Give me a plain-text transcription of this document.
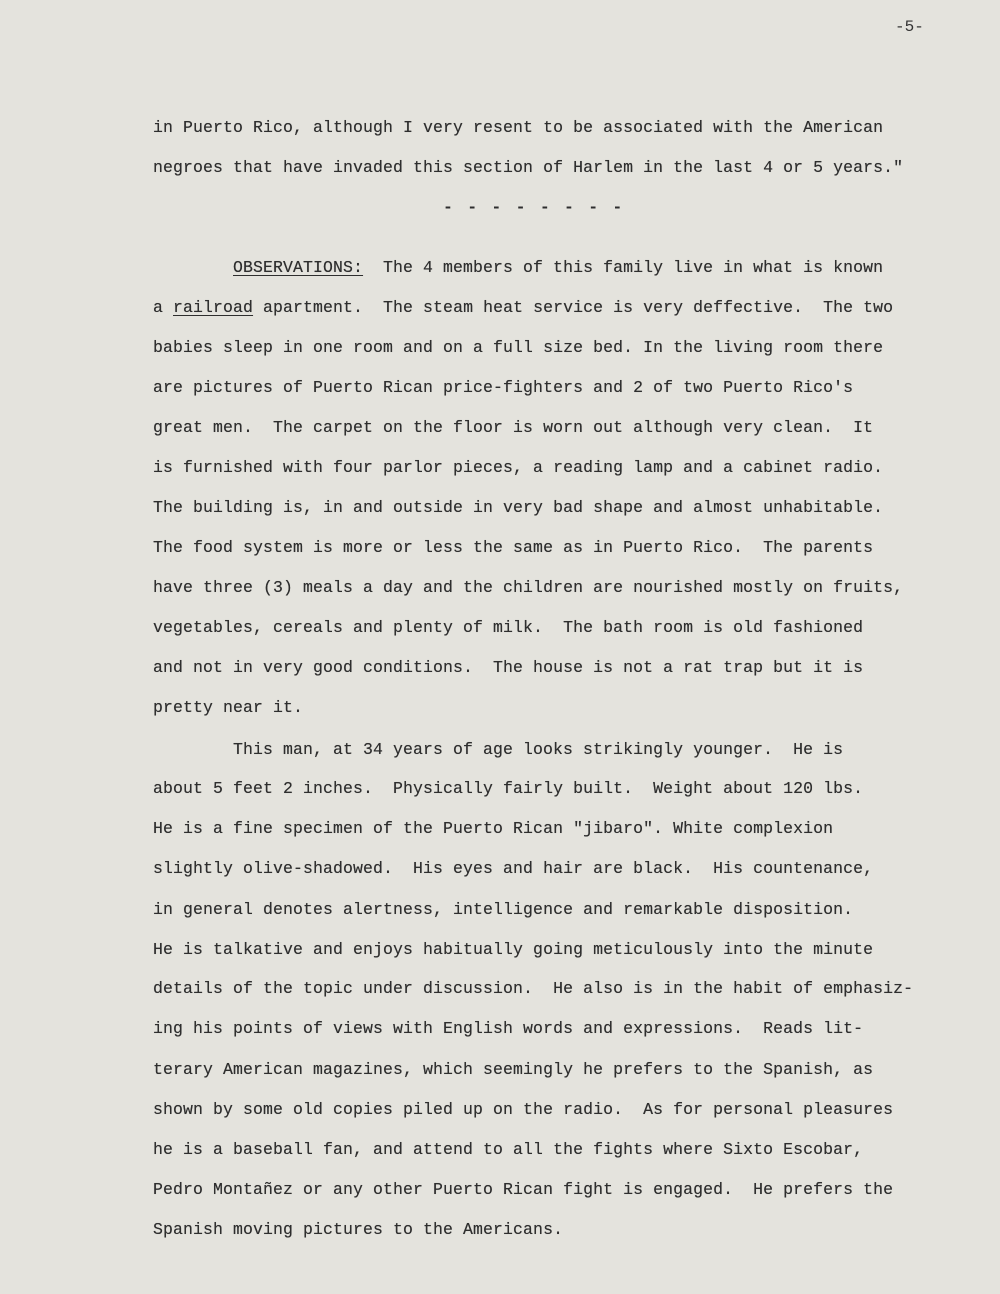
-5-
in Puerto Rico, although I very resent to be associated with the American
negroes that have invaded this section of Harlem in the last 4 or 5 years."
- - - - - - - -
OBSERVATIONS:  The 4 members of this family live in what is known
a railroad apartment.  The steam heat service is very deffective.  The two
babies sleep in one room and on a full size bed. In the living room there
are pictures of Puerto Rican price-fighters and 2 of two Puerto Rico's
great men.  The carpet on the floor is worn out although very clean.  It
is furnished with four parlor pieces, a reading lamp and a cabinet radio.
The building is, in and outside in very bad shape and almost unhabitable.
The food system is more or less the same as in Puerto Rico.  The parents
have three (3) meals a day and the children are nourished mostly on fruits,
vegetables, cereals and plenty of milk.  The bath room is old fashioned
and not in very good conditions.  The house is not a rat trap but it is
pretty near it.
This man, at 34 years of age looks strikingly younger.  He is
about 5 feet 2 inches.  Physically fairly built.  Weight about 120 lbs.
He is a fine specimen of the Puerto Rican "jibaro". White complexion
slightly olive-shadowed.  His eyes and hair are black.  His countenance,
in general denotes alertness, intelligence and remarkable disposition.
He is talkative and enjoys habitually going meticulously into the minute
details of the topic under discussion.  He also is in the habit of emphasiz-
ing his points of views with English words and expressions.  Reads lit-
terary American magazines, which seemingly he prefers to the Spanish, as
shown by some old copies piled up on the radio.  As for personal pleasures
he is a baseball fan, and attend to all the fights where Sixto Escobar,
Pedro Montañez or any other Puerto Rican fight is engaged.  He prefers the
Spanish moving pictures to the Americans.
